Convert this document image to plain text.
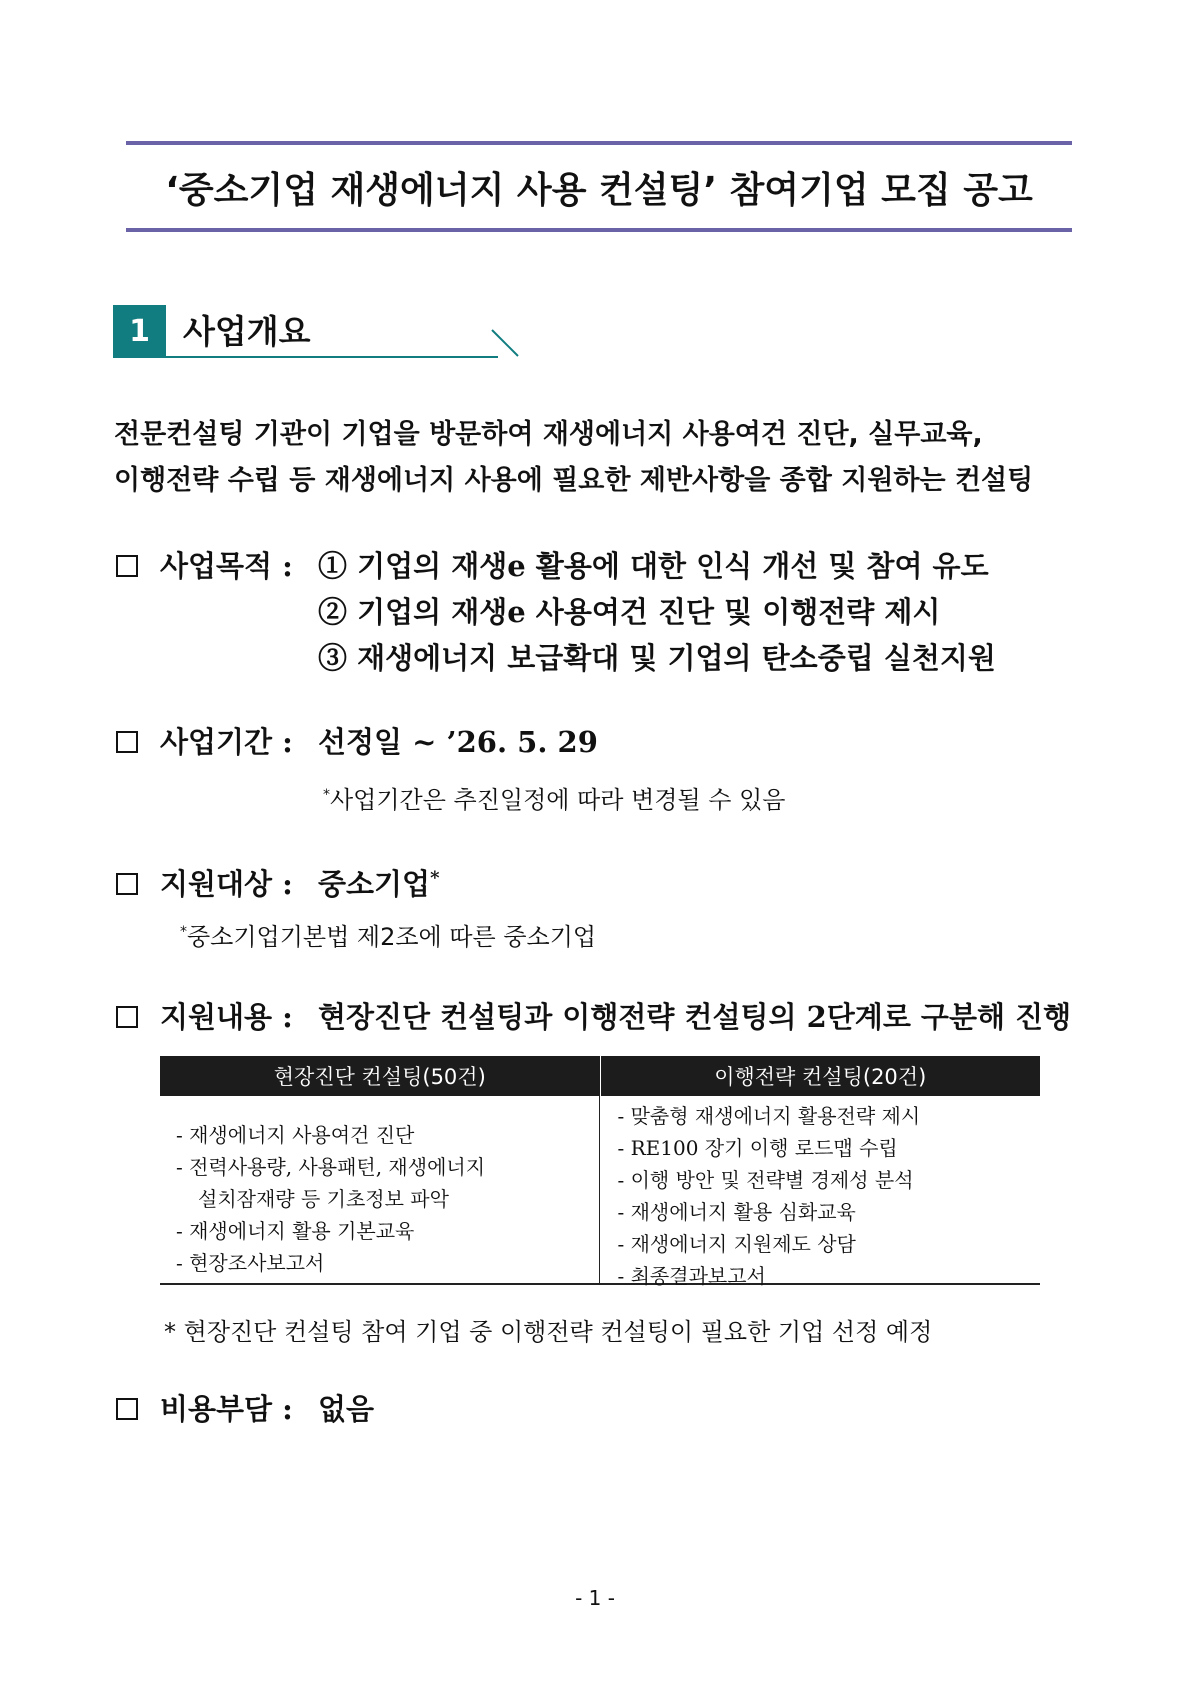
‘중소기업 재생에너지 사용 컨설팅’ 참여기업 모집 공고
1	사업개요
전문컨설팅 기관이 기업을 방문하여 재생에너지 사용여건 진단, 실무교육,
이행전략 수립 등 재생에너지 사용에 필요한 제반사항을 종합 지원하는 컨설팅
사업목적 : ① 기업의 재생e 활용에 대한 인식 개선 및 참여 유도
② 기업의 재생e 사용여건 진단 및 이행전략 제시
③ 재생에너지 보급확대 및 기업의 탄소중립 실천지원
사업기간 : 선정일 ~ ’26. 5. 29
*사업기간은 추진일정에 따라 변경될 수 있음
지원대상 : 중소기업*
*중소기업기본법 제2조에 따른 중소기업
지원내용 : 현장진단 컨설팅과 이행전략 컨설팅의 2단계로 구분해 진행
현장진단 컨설팅(50건)	이행전략 컨설팅(20건)
- 재생에너지 사용여건 진단
- 전력사용량, 사용패턴, 재생에너지
설치잠재량 등 기초정보 파악
- 재생에너지 활용 기본교육
- 현장조사보고서
- 맞춤형 재생에너지 활용전략 제시
- RE100 장기 이행 로드맵 수립
- 이행 방안 및 전략별 경제성 분석
- 재생에너지 활용 심화교육
- 재생에너지 지원제도 상담
- 최종결과보고서
* 현장진단 컨설팅 참여 기업 중 이행전략 컨설팅이 필요한 기업 선정 예정
비용부담 : 없음
- 1 -
